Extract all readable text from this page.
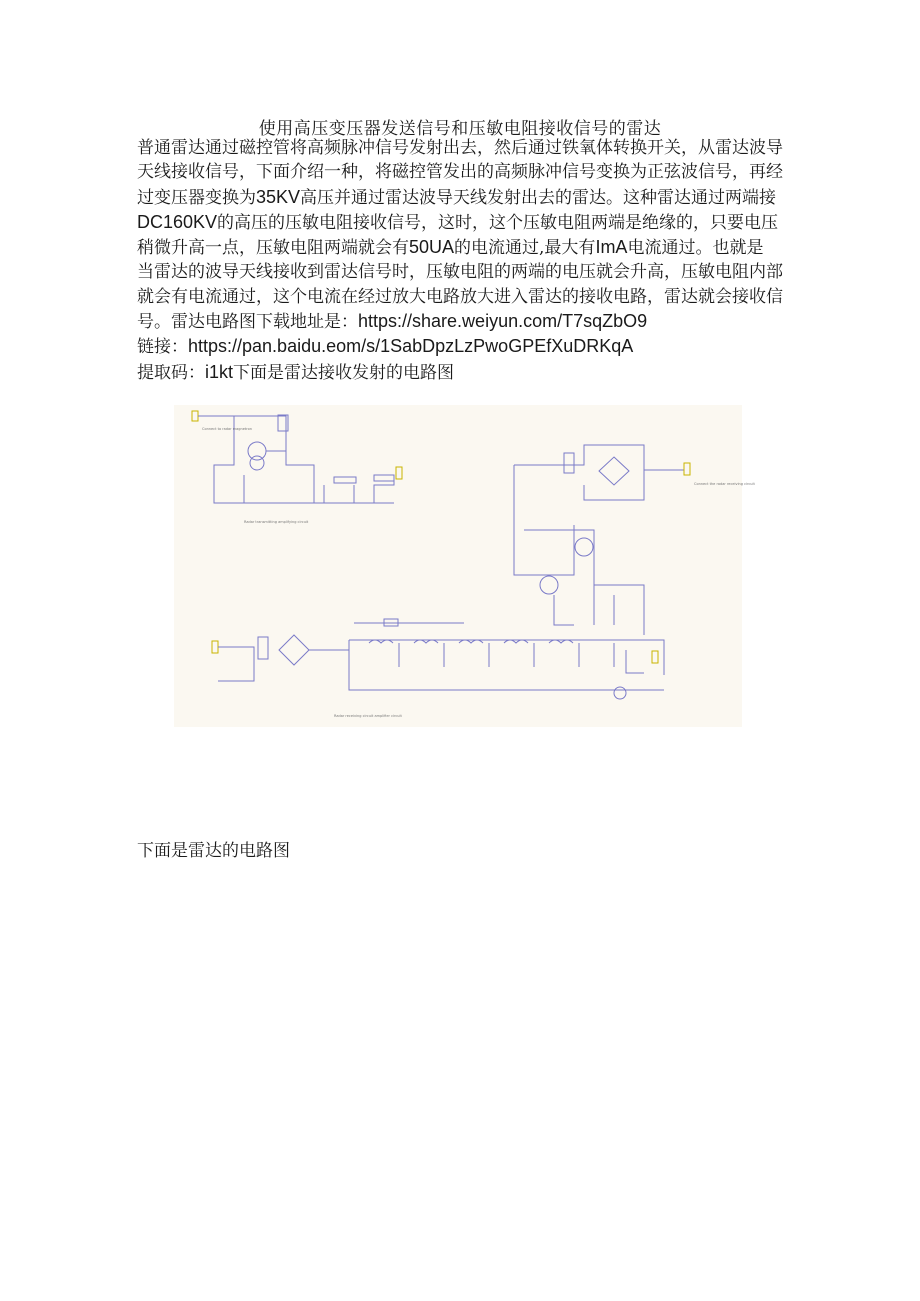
使用高压变压器发送信号和压敏电阻接收信号的雷达
普通雷达通过磁控管将高频脉冲信号发射出去，然后通过铁氧体转换开关，从雷达波导
天线接收信号，下面介绍一种，将磁控管发出的高频脉冲信号变换为正弦波信号，再经
过变压器变换为35KV高压并通过雷达波导天线发射出去的雷达。这种雷达通过两端接
DC160KV的高压的压敏电阻接收信号，这时，这个压敏电阻两端是绝缘的，只要电压
稍微升高一点，压敏电阻两端就会有50UA的电流通过,最大有ImA电流通过。也就是
当雷达的波导天线接收到雷达信号时，压敏电阻的两端的电压就会升高，压敏电阻内部
就会有电流通过，这个电流在经过放大电路放大进入雷达的接收电路，雷达就会接收信
号。雷达电路图下载地址是：https://share.weiyun.com/T7sqZbO9
链接：https://pan.baidu.eom/s/1SabDpzLzPwoGPEfXuDRKqA
提取码：i1kt下面是雷达接收发射的电路图
Connect to radar magnetron
Radar transmitting amplifying circuit
Radar receiving circuit amplifier circuit
Connect the radar receiving circuit
下面是雷达的电路图
